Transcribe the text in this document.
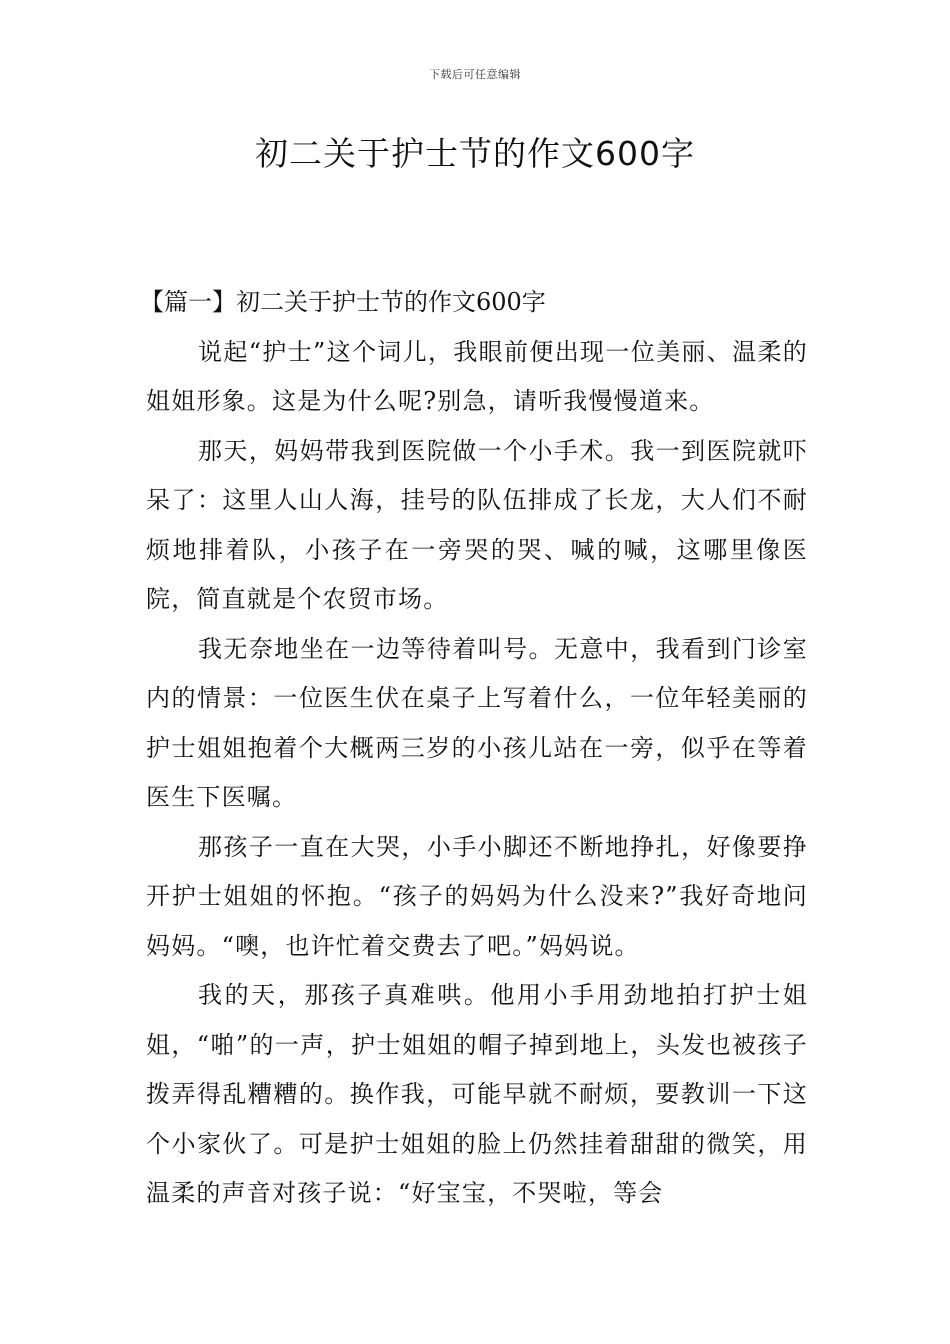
下载后可任意编辑
初二关于护士节的作文600字

【篇一】初二关于护士节的作文600字

说起“护士”这个词儿，我眼前便出现一位美丽、温柔的姐姐形象。这是为什么呢?别急，请听我慢慢道来。

那天，妈妈带我到医院做一个小手术。我一到医院就吓呆了：这里人山人海，挂号的队伍排成了长龙，大人们不耐烦地排着队，小孩子在一旁哭的哭、喊的喊，这哪里像医院，简直就是个农贸市场。

我无奈地坐在一边等待着叫号。无意中，我看到门诊室内的情景：一位医生伏在桌子上写着什么，一位年轻美丽的护士姐姐抱着个大概两三岁的小孩儿站在一旁，似乎在等着医生下医嘱。

那孩子一直在大哭，小手小脚还不断地挣扎，好像要挣开护士姐姐的怀抱。“孩子的妈妈为什么没来?”我好奇地问妈妈。“噢，也许忙着交费去了吧。”妈妈说。

我的天，那孩子真难哄。他用小手用劲地拍打护士姐姐，“啪”的一声，护士姐姐的帽子掉到地上，头发也被孩子拨弄得乱糟糟的。换作我，可能早就不耐烦，要教训一下这个小家伙了。可是护士姐姐的脸上仍然挂着甜甜的微笑，用温柔的声音对孩子说：“好宝宝，不哭啦，等会
